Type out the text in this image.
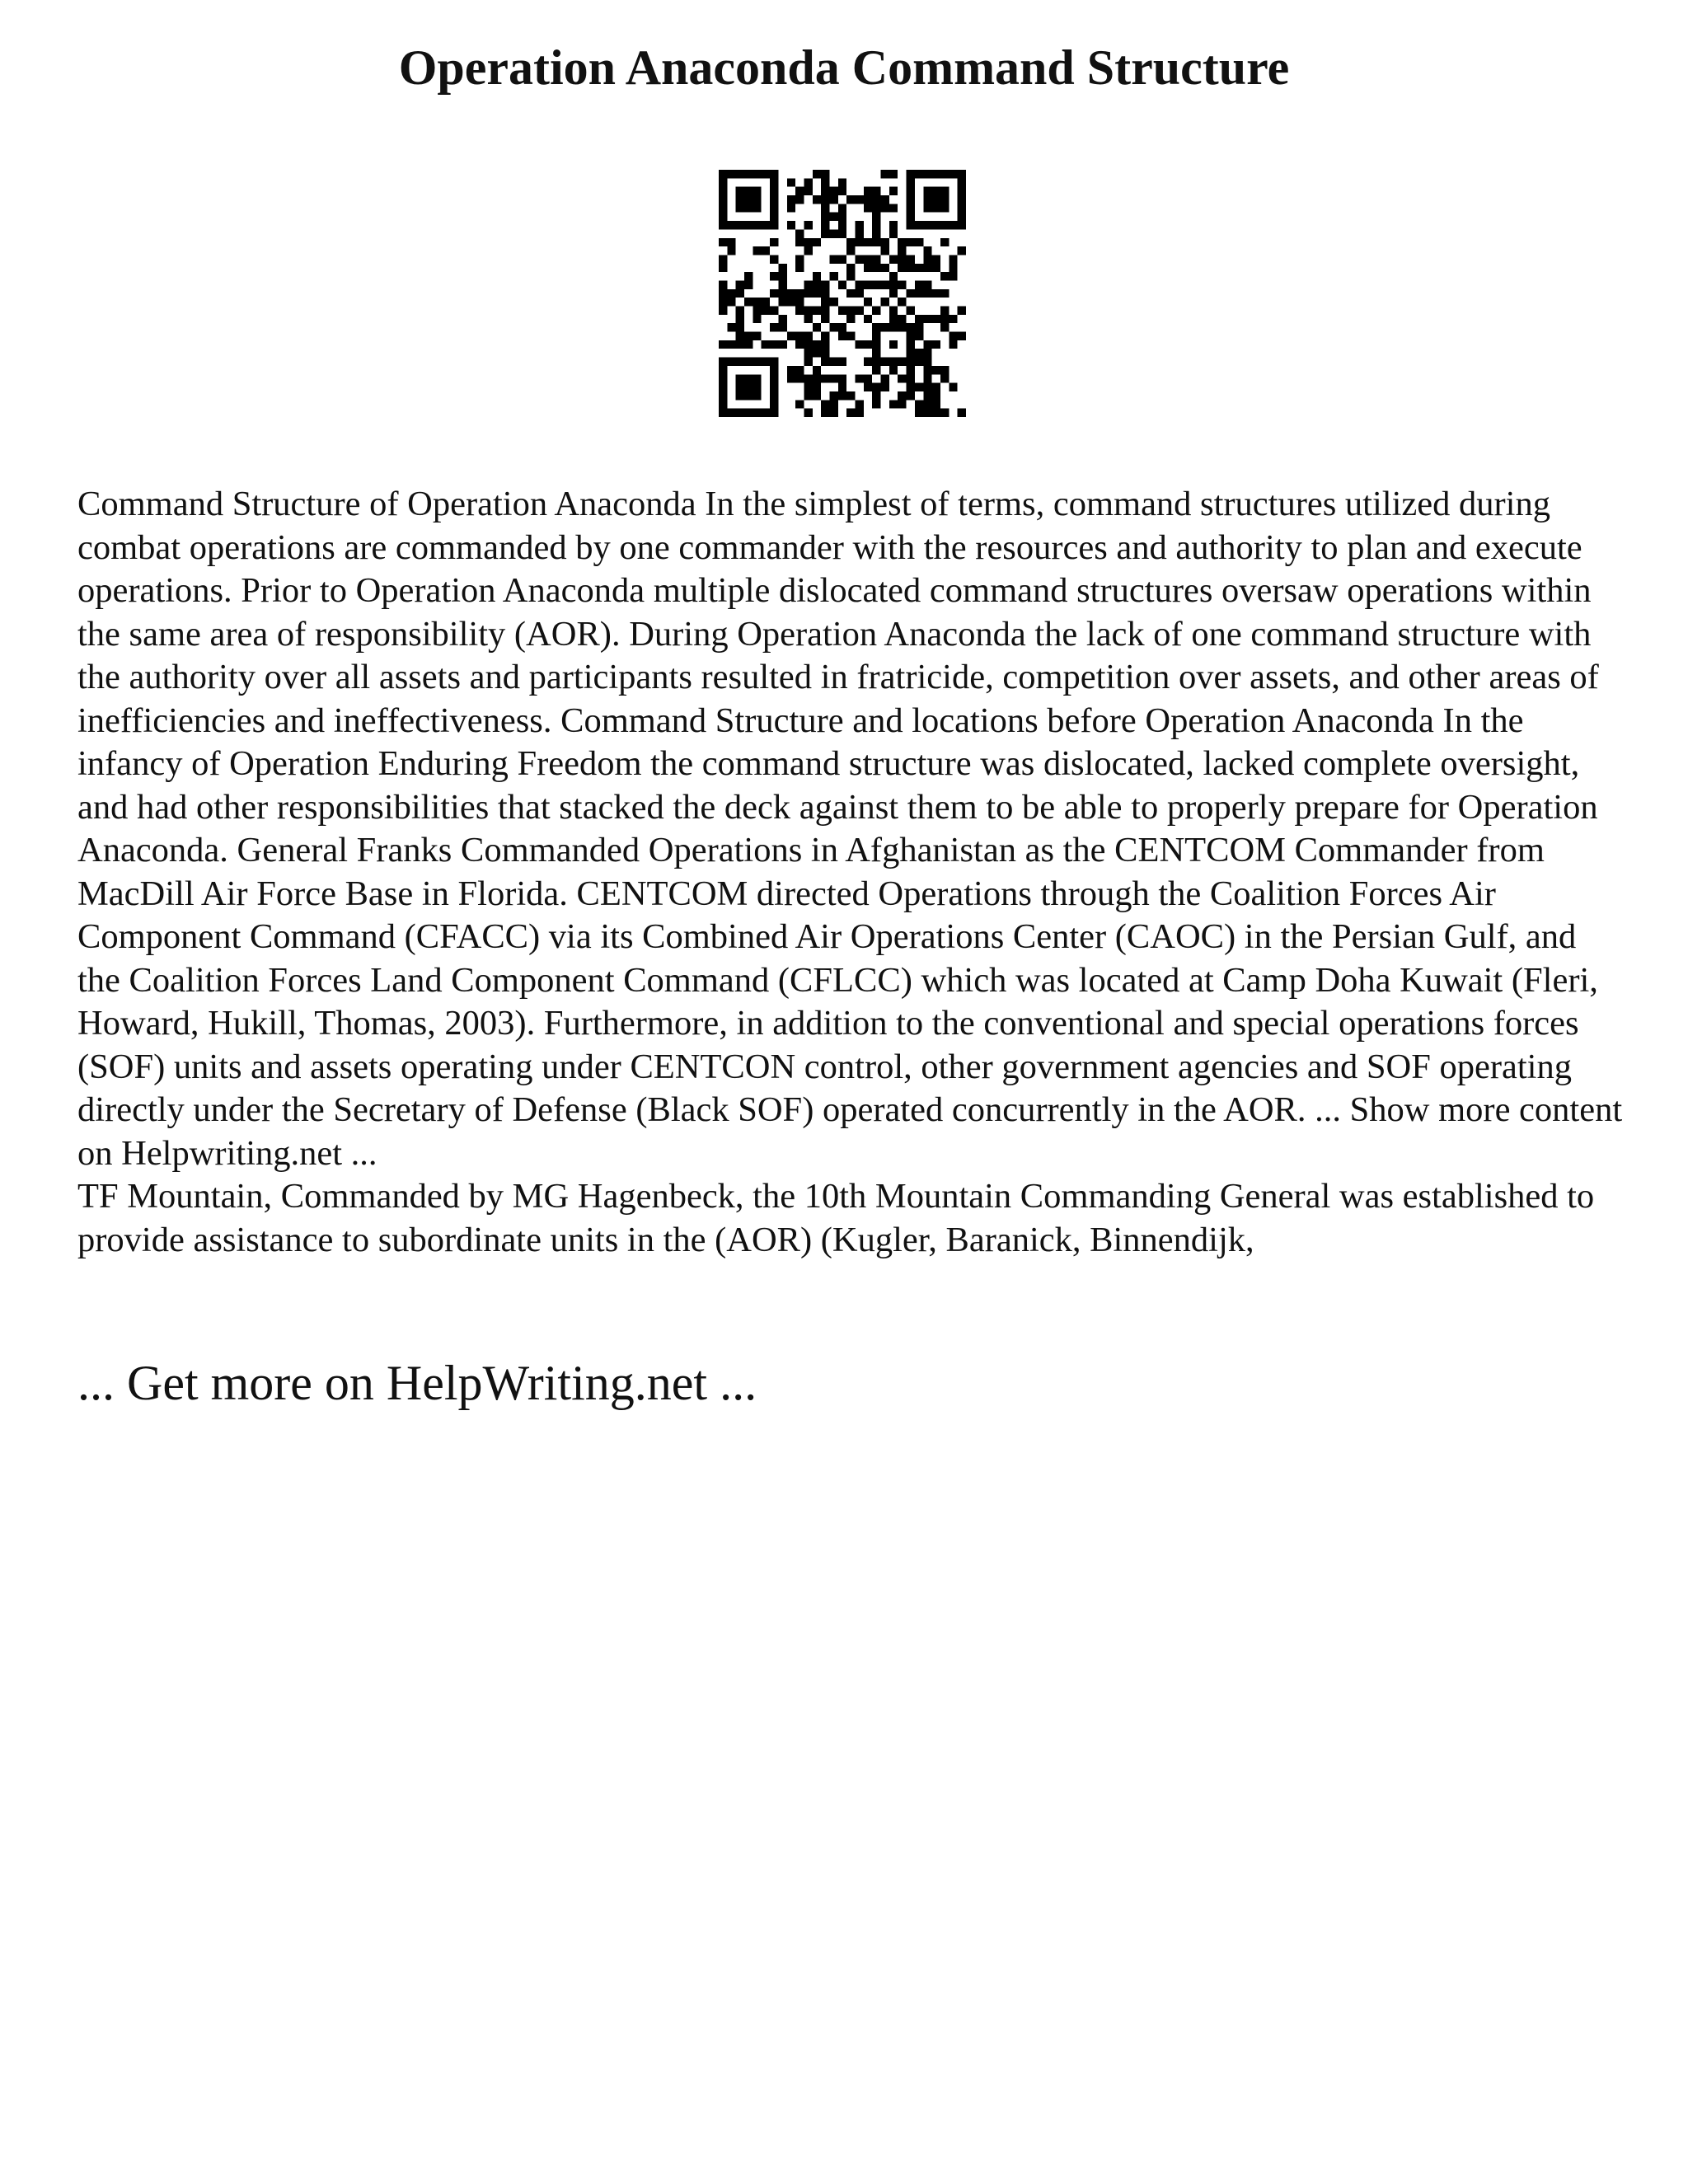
Operation Anaconda Command Structure

Command Structure of Operation Anaconda In the simplest of terms, command structures utilized during combat operations are commanded by one commander with the resources and authority to plan and execute operations. Prior to Operation Anaconda multiple dislocated command structures oversaw operations within the same area of responsibility (AOR). During Operation Anaconda the lack of one command structure with the authority over all assets and participants resulted in fratricide, competition over assets, and other areas of inefficiencies and ineffectiveness. Command Structure and locations before Operation Anaconda In the infancy of Operation Enduring Freedom the command structure was dislocated, lacked complete oversight, and had other responsibilities that stacked the deck against them to be able to properly prepare for Operation Anaconda. General Franks Commanded Operations in Afghanistan as the CENTCOM Commander from MacDill Air Force Base in Florida. CENTCOM directed Operations through the Coalition Forces Air Component Command (CFACC) via its Combined Air Operations Center (CAOC) in the Persian Gulf, and the Coalition Forces Land Component Command (CFLCC) which was located at Camp Doha Kuwait (Fleri, Howard, Hukill, Thomas, 2003). Furthermore, in addition to the conventional and special operations forces (SOF) units and assets operating under CENTCON control, other government agencies and SOF operating directly under the Secretary of Defense (Black SOF) operated concurrently in the AOR. ... Show more content on Helpwriting.net ...

TF Mountain, Commanded by MG Hagenbeck, the 10th Mountain Commanding General was established to provide assistance to subordinate units in the (AOR) (Kugler, Baranick, Binnendijk,

... Get more on HelpWriting.net ...
